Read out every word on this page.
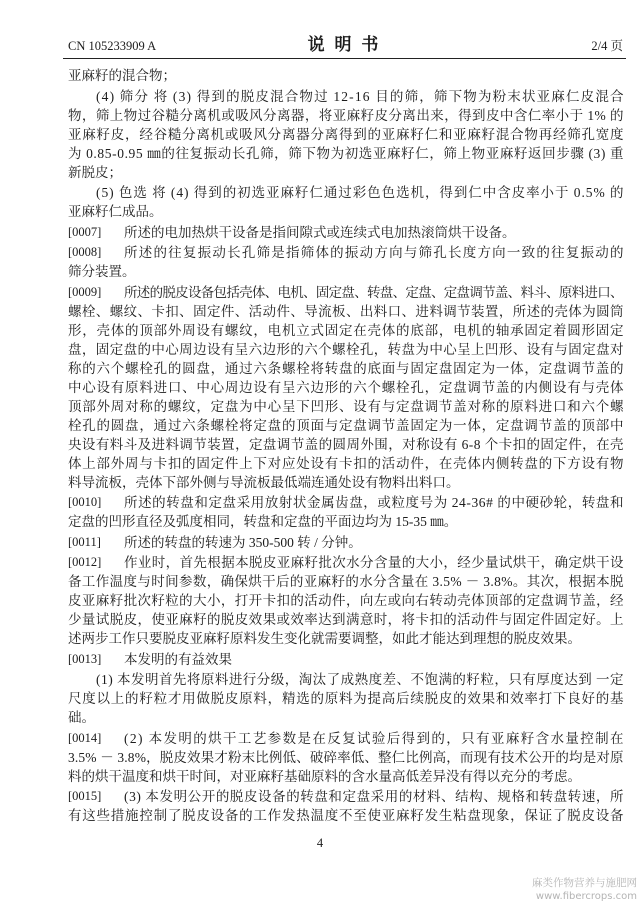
CN 105233909 A	说 明 书	2/4 页
亚麻籽的混合物；
(4) 筛分 将 (3) 得到的脱皮混合物过 12-16 目的筛，筛下物为粉末状亚麻仁皮混合
物，筛上物过谷糙分离机或吸风分离器，将亚麻籽皮分离出来，得到皮中含仁率小于 1% 的
亚麻籽皮，经谷糙分离机或吸风分离器分离得到的亚麻籽仁和亚麻籽混合物再经筛孔宽度
为 0.85-0.95 ㎜的往复振动长孔筛，筛下物为初选亚麻籽仁，筛上物亚麻籽返回步骤 (3) 重
新脱皮；
(5) 色选 将 (4) 得到的初选亚麻籽仁通过彩色色选机，得到仁中含皮率小于 0.5% 的
亚麻籽仁成品。
[0007]	所述的电加热烘干设备是指间隙式或连续式电加热滚筒烘干设备。
[0008]	所述的往复振动长孔筛是指筛体的振动方向与筛孔长度方向一致的往复振动的
筛分装置。
[0009]	所述的脱皮设备包括壳体、电机、固定盘、转盘、定盘、定盘调节盖、料斗、原料进口、
螺栓、螺纹、卡扣、固定件、活动件、导流板、出料口、进料调节装置，所述的壳体为圆筒
形，壳体的顶部外周设有螺纹，电机立式固定在壳体的底部，电机的轴承固定着圆形固定
盘，固定盘的中心周边设有呈六边形的六个螺栓孔，转盘为中心呈上凹形、设有与固定盘对
称的六个螺栓孔的圆盘，通过六条螺栓将转盘的底面与固定盘固定为一体，定盘调节盖的
中心设有原料进口、中心周边设有呈六边形的六个螺栓孔，定盘调节盖的内侧设有与壳体
顶部外周对称的螺纹，定盘为中心呈下凹形、设有与定盘调节盖对称的原料进口和六个螺
栓孔的圆盘，通过六条螺栓将定盘的顶面与定盘调节盖固定为一体，定盘调节盖的顶部中
央设有料斗及进料调节装置，定盘调节盖的圆周外围，对称设有 6-8 个卡扣的固定件，在壳
体上部外周与卡扣的固定件上下对应处设有卡扣的活动件，在壳体内侧转盘的下方设有物
料导流板，壳体下部外侧与导流板最低端连通处设有物料出料口。
[0010]	所述的转盘和定盘采用放射状金属齿盘，或粒度号为 24-36# 的中硬砂轮，转盘和
定盘的凹形直径及弧度相同，转盘和定盘的平面边均为 15-35 ㎜。
[0011]	所述的转盘的转速为 350-500 转 / 分钟。
[0012]	作业时，首先根据本脱皮亚麻籽批次水分含量的大小，经少量试烘干，确定烘干设
备工作温度与时间参数，确保烘干后的亚麻籽的水分含量在 3.5% － 3.8%。其次，根据本脱
皮亚麻籽批次籽粒的大小，打开卡扣的活动件，向左或向右转动壳体顶部的定盘调节盖，经
少量试脱皮，使亚麻籽的脱皮效果或效率达到满意时，将卡扣的活动件与固定件固定好。上
述两步工作只要脱皮亚麻籽原料发生变化就需要调整，如此才能达到理想的脱皮效果。
[0013]	本发明的有益效果
(1) 本发明首先将原料进行分级，淘汰了成熟度差、不饱满的籽粒，只有厚度达到 一定
尺度以上的籽粒才用做脱皮原料，精选的原料为提高后续脱皮的效果和效率打下良好的基
础。
[0014]	(2) 本发明的烘干工艺参数是在反复试验后得到的，只有亚麻籽含水量控制在
3.5% － 3.8%，脱皮效果才粉末比例低、破碎率低、整仁比例高，而现有技术公开的均是对原
料的烘干温度和烘干时间，对亚麻籽基础原料的含水量高低差异没有得以充分的考虑。
[0015]	(3) 本发明公开的脱皮设备的转盘和定盘采用的材料、结构、规格和转盘转速，所
有这些措施控制了脱皮设备的工作发热温度不至使亚麻籽发生粘盘现象，保证了脱皮设备
4
麻类作物营养与施肥网
www.fibercrops.com
